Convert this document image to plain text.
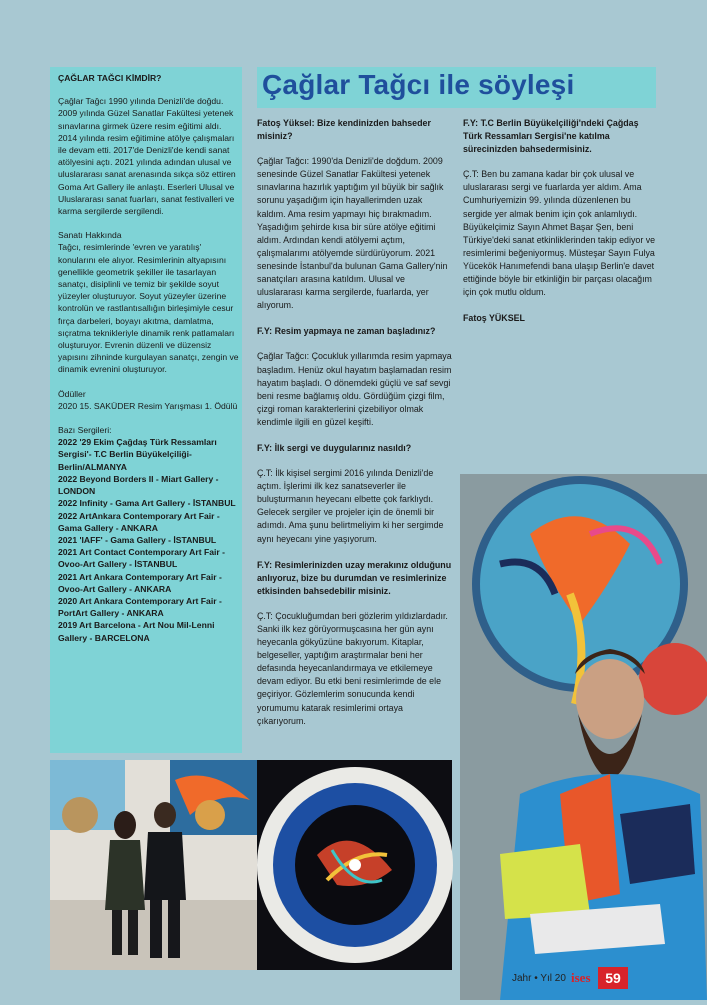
ÇAĞLAR TAĞCI KİMDİR?

Çağlar Tağcı 1990 yılında Denizli'de doğdu. 2009 yılında Güzel Sanatlar Fakültesi yetenek sınavlarına girmek üzere resim eğitimi aldı. 2014 yılında resim eğitimine atölye çalışmaları ile devam etti. 2017'de Denizli'de kendi sanat atölyesini açtı. 2021 yılında adından ulusal ve uluslararası sanat arenasında sıkça söz ettiren Goma Art Gallery ile anlaştı. Eserleri Ulusal ve Uluslararası sanat fuarları, sanat festivalleri ve karma sergilerde sergilendi.

Sanatı Hakkında

Tağcı, resimlerinde 'evren ve yaratılış' konularını ele alıyor. Resimlerinin altyapısını genellikle geometrik şekiller ile tasarlayan sanatçı, disiplinli ve temiz bir şekilde soyut yüzeyler oluşturuyor. Soyut yüzeyler üzerine kontrolün ve rastlantısallığın birleşimiyle cesur fırça darbeleri, boyayı akıtma, damlatma, sıçratma teknikleriyle dinamik renk patlamaları oluşturuyor. Evrenin düzenli ve düzensiz yapısını zihninde kurgulayan sanatçı, zengin ve dinamik evrenini oluşturuyor.

Ödüller

2020 15. SAKÜDER Resim Yarışması 1. Ödülü

Bazı Sergileri:

2022 '29 Ekim Çağdaş Türk Ressamları Sergisi'- T.C Berlin Büyükelçiliği- Berlin/ALMANYA
2022 Beyond Borders II - Miart Gallery - LONDON
2022 Infinity - Gama Art Gallery - İSTANBUL
2022 ArtAnkara Contemporary Art Fair - Gama Gallery - ANKARA
2021 'IAFF' - Gama Gallery - İSTANBUL
2021 Art Contact Contemporary Art Fair - Ovoo-Art Gallery - İSTANBUL
2021 Art Ankara Contemporary Art Fair - Ovoo-Art Gallery - ANKARA
2020 Art Ankara Contemporary Art Fair - PortArt Gallery - ANKARA
2019 Art Barcelona - Art Nou Mil-Lenni Gallery - BARCELONA
Çağlar Tağcı ile söyleşi

Fatoş Yüksel: Bize kendinizden bahseder misiniz?

Çağlar Tağcı: 1990'da Denizli'de doğdum. 2009 senesinde Güzel Sanatlar Fakültesi yetenek sınavlarına hazırlık yaptığım yıl büyük bir sağlık sorunu yaşadığım için hayallerimden uzak kaldım. Ama resim yapmayı hiç bırakmadım. Yaşadığım şehirde kısa bir süre atölye eğitimi aldım. Ardından kendi atölyemi açtım, çalışmalarımı atölyemde sürdürüyorum. 2021 senesinde İstanbul'da bulunan Gama Gallery'nin sanatçıları arasına katıldım. Ulusal ve uluslararası karma sergilerde, fuarlarda, yer alıyorum.

F.Y: Resim yapmaya ne zaman başladınız?

Çağlar Tağcı: Çocukluk yıllarımda resim yapmaya başladım. Henüz okul hayatım başlamadan resim hayatım başladı. O dönemdeki güçlü ve saf sevgi beni resme bağlamış oldu. Gördüğüm çizgi film, çizgi roman karakterlerini çizebiliyor olmak kendimle ilgili en güzel keşifti.

F.Y: İlk sergi ve duygularınız nasıldı?

Ç.T: İlk kişisel sergimi 2016 yılında Denizli'de açtım. İşlerimi ilk kez sanatseverler ile buluşturmanın heyecanı elbette çok farklıydı. Gelecek sergiler ve projeler için de önemli bir adımdı. Ama şunu belirtmeliyim ki her sergimde aynı heyecanı yine yaşıyorum.

F.Y: Resimlerinizden uzay merakınız olduğunu anlıyoruz, bize bu durumdan ve resimlerinize etkisinden bahsedebilir misiniz.

Ç.T: Çocukluğumdan beri gözlerim yıldızlardadır. Sanki ilk kez görüyormuşcasına her gün aynı heyecanla gökyüzüne bakıyorum. Kitaplar, belgeseller, yaptığım araştırmalar beni her defasında heyecanlandırmaya ve etkilemeye devam ediyor. Bu etki beni resimlerimde de ele geçiriyor. Gözlemlerim sonucunda kendi yorumumu katarak resimlerimi ortaya çıkarıyorum.

F.Y: T.C Berlin Büyükelçiliği'ndeki Çağdaş Türk Ressamları Sergisi'ne katılma sürecinizden bahsedermisiniz.

Ç.T: Ben bu zamana kadar bir çok ulusal ve uluslararası sergi ve fuarlarda yer aldım. Ama Cumhuriyemizin 99. yılında düzenlenen bu sergide yer almak benim için çok anlamlıydı. Büyükelçimiz Sayın Ahmet Başar Şen, beni Türkiye'deki sanat etkinliklerinden takip ediyor ve resimlerimi beğeniyormuş. Müsteşar Sayın Fulya Yücekök Hanımefendi bana ulaşıp Berlin'e davet ettiğinde böyle bir etkinliğin bir parçası olacağım için çok mutlu oldum.

Fatoş YÜKSEL

Jahr • Yıl 20 ises	59
